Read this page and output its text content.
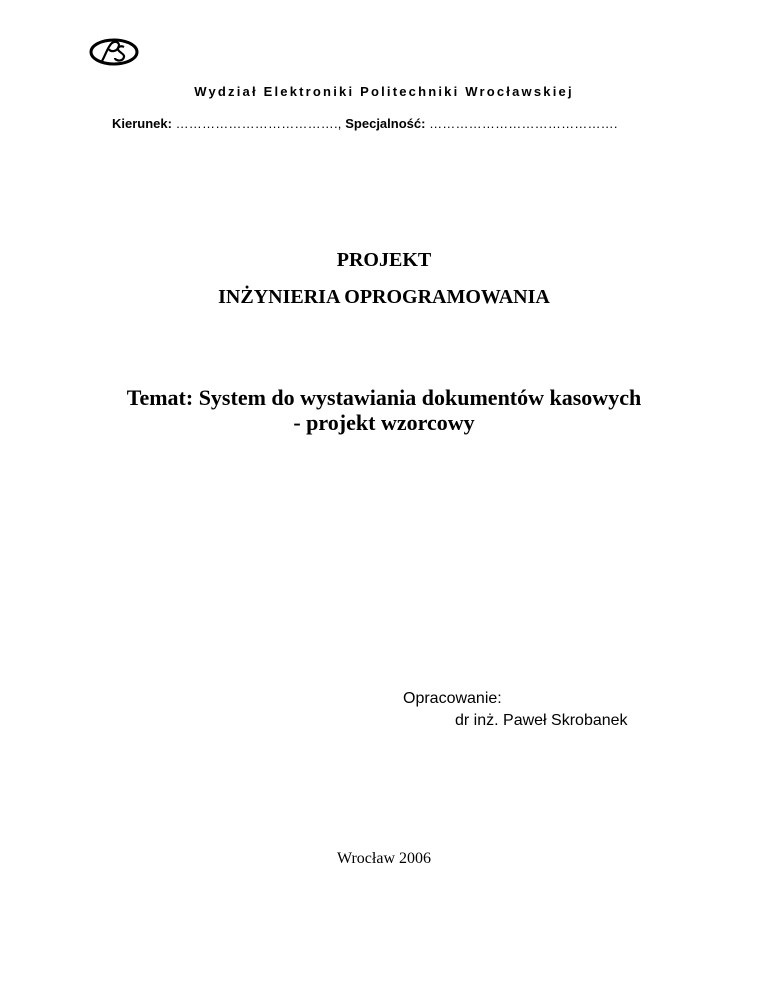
Wydział Elektroniki Politechniki Wrocławskiej
Kierunek: ………………………………., Specjalność: …………………………………….
PROJEKT
INŻYNIERIA OPROGRAMOWANIA
Temat: System do wystawiania dokumentów kasowych
- projekt wzorcowy
Opracowanie:
dr inż. Paweł Skrobanek
Wrocław 2006
